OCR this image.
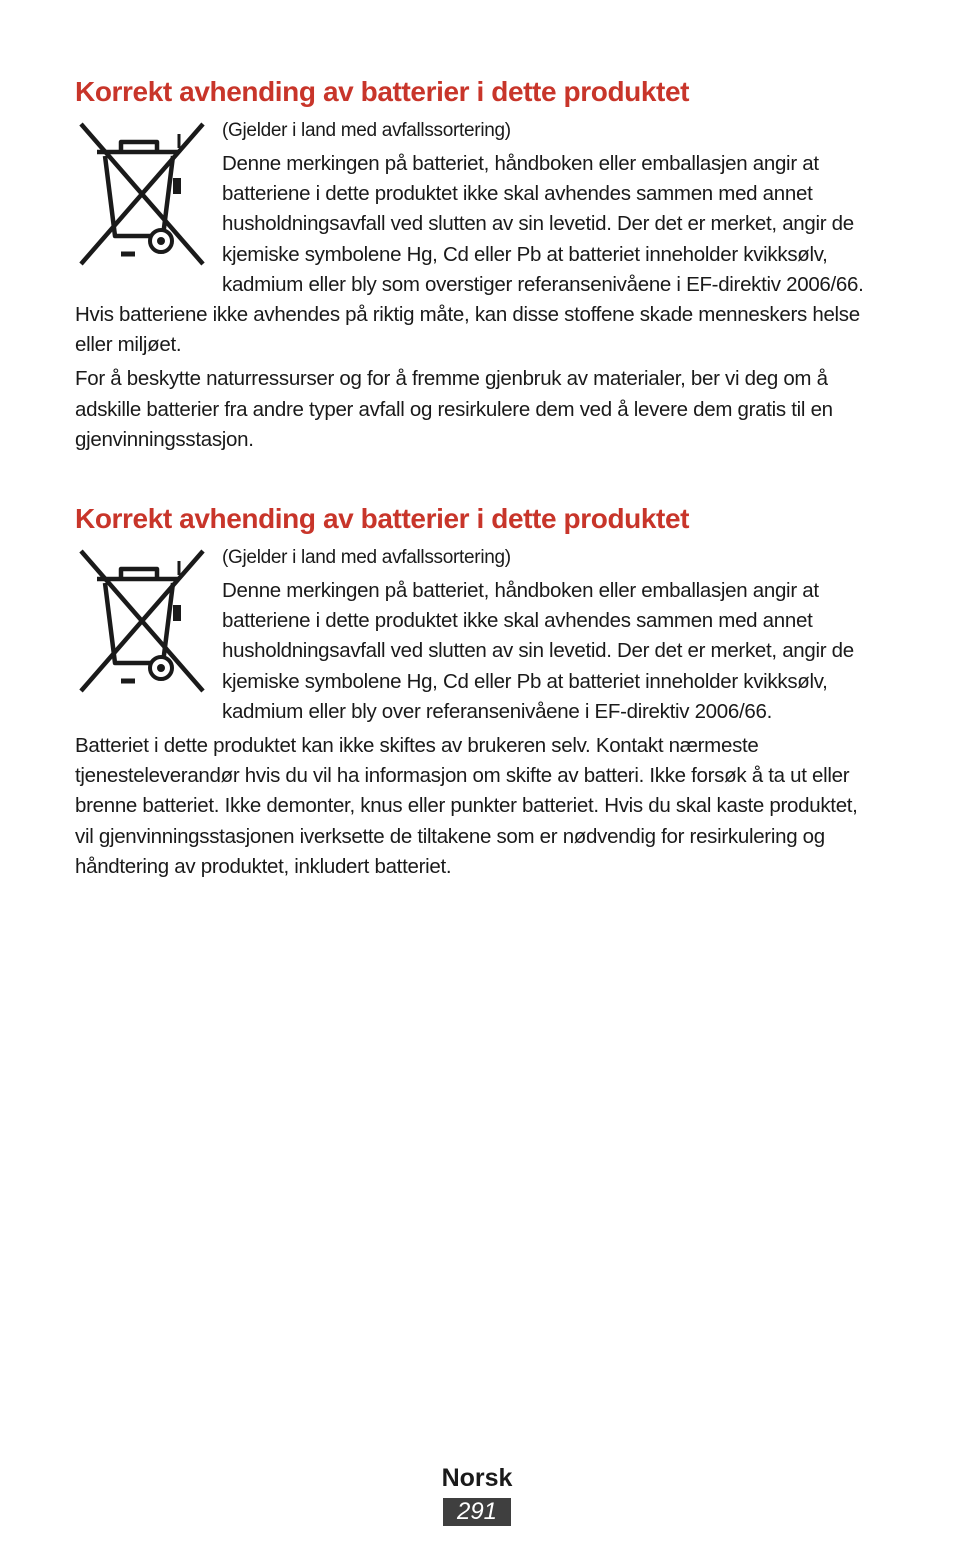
Korrekt avhending av batterier i dette produktet

(Gjelder i land med avfallssortering)

Denne merkingen på batteriet, håndboken eller emballasjen angir at batteriene i dette produktet ikke skal avhendes sammen med annet husholdningsavfall ved slutten av sin levetid. Der det er merket, angir de kjemiske symbolene Hg, Cd eller Pb at batteriet inneholder kvikksølv, kadmium eller bly som overstiger referansenivåene i EF-direktiv 2006/66. Hvis batteriene ikke avhendes på riktig måte, kan disse stoffene skade menneskers helse eller miljøet.

For å beskytte naturressurser og for å fremme gjenbruk av materialer, ber vi deg om å adskille batterier fra andre typer avfall og resirkulere dem ved å levere dem gratis til en gjenvinningsstasjon.

Korrekt avhending av batterier i dette produktet

(Gjelder i land med avfallssortering)

Denne merkingen på batteriet, håndboken eller emballasjen angir at batteriene i dette produktet ikke skal avhendes sammen med annet husholdningsavfall ved slutten av sin levetid. Der det er merket, angir de kjemiske symbolene Hg, Cd eller Pb at batteriet inneholder kvikksølv, kadmium eller bly over referansenivåene i EF-direktiv 2006/66.

Batteriet i dette produktet kan ikke skiftes av brukeren selv. Kontakt nærmeste tjenesteleverandør hvis du vil ha informasjon om skifte av batteri. Ikke forsøk å ta ut eller brenne batteriet. Ikke demonter, knus eller punkter batteriet. Hvis du skal kaste produktet, vil gjenvinningsstasjonen iverksette de tiltakene som er nødvendig for resirkulering og håndtering av produktet, inkludert batteriet.

Norsk
291
